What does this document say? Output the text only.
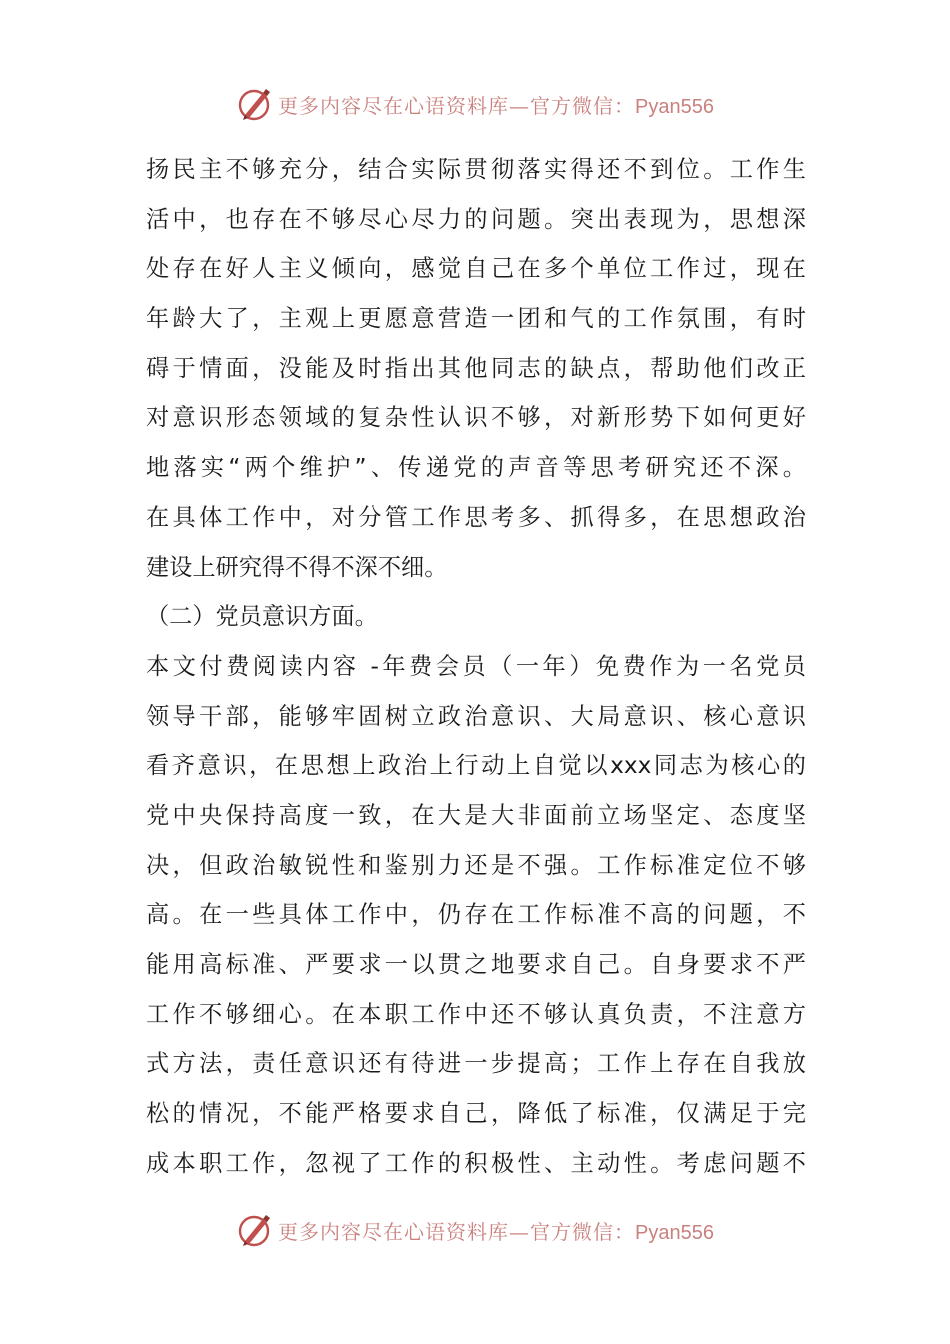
更多内容尽在心语资料库—官方微信：Pyan556
扬民主不够充分，结合实际贯彻落实得还不到位。工作生
活中，也存在不够尽心尽力的问题。突出表现为，思想深
处存在好人主义倾向，感觉自己在多个单位工作过，现在
年龄大了，主观上更愿意营造一团和气的工作氛围，有时
碍于情面，没能及时指出其他同志的缺点，帮助他们改正
对意识形态领域的复杂性认识不够，对新形势下如何更好
地落实“两个维护”、传递党的声音等思考研究还不深。
在具体工作中，对分管工作思考多、抓得多，在思想政治
建设上研究得不得不深不细。
（二）党员意识方面。
本文付费阅读内容 -年费会员（一年）免费作为一名党员
领导干部，能够牢固树立政治意识、大局意识、核心意识
看齐意识，在思想上政治上行动上自觉以xxx同志为核心的
党中央保持高度一致，在大是大非面前立场坚定、态度坚
决，但政治敏锐性和鉴别力还是不强。工作标准定位不够
高。在一些具体工作中，仍存在工作标准不高的问题，不
能用高标准、严要求一以贯之地要求自己。自身要求不严
工作不够细心。在本职工作中还不够认真负责，不注意方
式方法，责任意识还有待进一步提高；工作上存在自我放
松的情况，不能严格要求自己，降低了标准，仅满足于完
成本职工作，忽视了工作的积极性、主动性。考虑问题不
更多内容尽在心语资料库—官方微信：Pyan556
